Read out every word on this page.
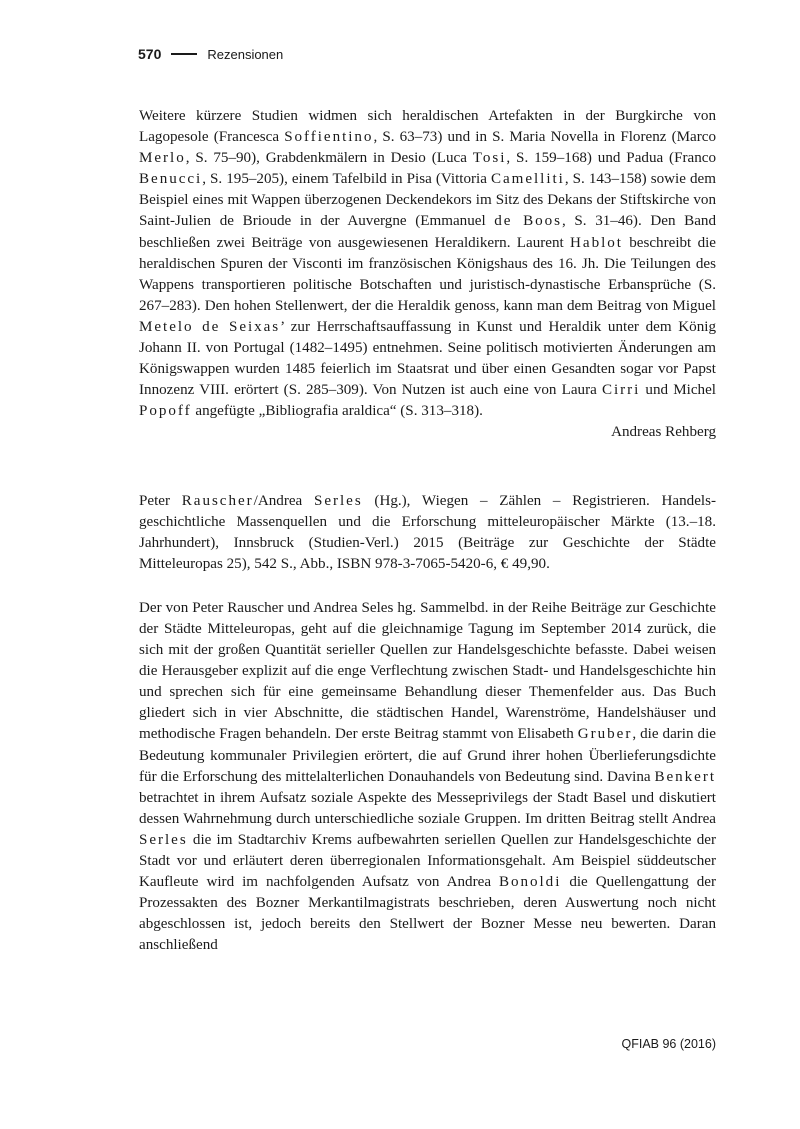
570	Rezensionen

Weitere kürzere Studien widmen sich heraldischen Artefakten in der Burgkirche von Lagopesole (Francesca Soffientino, S. 63–73) und in S. Maria Novella in Florenz (Marco Merlo, S. 75–90), Grabdenkmälern in Desio (Luca Tosi, S. 159–168) und Padua (Franco Benucci, S. 195–205), einem Tafelbild in Pisa (Vittoria Camelliti, S. 143–158) sowie dem Beispiel eines mit Wappen überzogenen Deckendekors im Sitz des Dekans der Stiftskirche von Saint-Julien de Brioude in der Auvergne (Emmanuel de Boos, S. 31–46). Den Band beschließen zwei Beiträge von ausgewiesenen Heraldikern. Laurent Hablot beschreibt die heraldischen Spuren der Visconti im französischen Königshaus des 16. Jh. Die Teilungen des Wappens transportieren politische Botschaften und juristisch-dynastische Erbansprüche (S. 267–283). Den hohen Stellenwert, der die Heraldik genoss, kann man dem Beitrag von Miguel Metelo de Seixas’ zur Herrschaftsauffassung in Kunst und Heraldik unter dem König Johann II. von Portugal (1482–1495) entnehmen. Seine politisch motivierten Änderungen am Königswappen wurden 1485 feierlich im Staatsrat und über einen Gesandten sogar vor Papst Innozenz VIII. erörtert (S. 285–309). Von Nutzen ist auch eine von Laura Cirri und Michel Popoff angefügte „Bibliografia araldica“ (S. 313–318).

Andreas Rehberg

Peter Rauscher/Andrea Serles (Hg.), Wiegen – Zählen – Registrieren. Handelsgeschichtliche Massenquellen und die Erforschung mitteleuropäischer Märkte (13.–18. Jahrhundert), Innsbruck (Studien-Verl.) 2015 (Beiträge zur Geschichte der Städte Mitteleuropas 25), 542 S., Abb., ISBN 978-3-7065-5420-6, € 49,90.

Der von Peter Rauscher und Andrea Seles hg. Sammelbd. in der Reihe Beiträge zur Geschichte der Städte Mitteleuropas, geht auf die gleichnamige Tagung im September 2014 zurück, die sich mit der großen Quantität serieller Quellen zur Handelsgeschichte befasste. Dabei weisen die Herausgeber explizit auf die enge Verflechtung zwischen Stadt- und Handelsgeschichte hin und sprechen sich für eine gemeinsame Behandlung dieser Themenfelder aus. Das Buch gliedert sich in vier Abschnitte, die städtischen Handel, Warenströme, Handelshäuser und methodische Fragen behandeln. Der erste Beitrag stammt von Elisabeth Gruber, die darin die Bedeutung kommunaler Privilegien erörtert, die auf Grund ihrer hohen Überlieferungsdichte für die Erforschung des mittelalterlichen Donauhandels von Bedeutung sind. Davina Benkert betrachtet in ihrem Aufsatz soziale Aspekte des Messeprivilegs der Stadt Basel und diskutiert dessen Wahrnehmung durch unterschiedliche soziale Gruppen. Im dritten Beitrag stellt Andrea Serles die im Stadtarchiv Krems aufbewahrten seriellen Quellen zur Handelsgeschichte der Stadt vor und erläutert deren überregionalen Informationsgehalt. Am Beispiel süddeutscher Kaufleute wird im nachfolgenden Aufsatz von Andrea Bonoldi die Quellengattung der Prozessakten des Bozner Merkantilmagistrats beschrieben, deren Auswertung noch nicht abgeschlossen ist, jedoch bereits den Stellwert der Bozner Messe neu bewerten. Daran anschließend

QFIAB 96 (2016)
